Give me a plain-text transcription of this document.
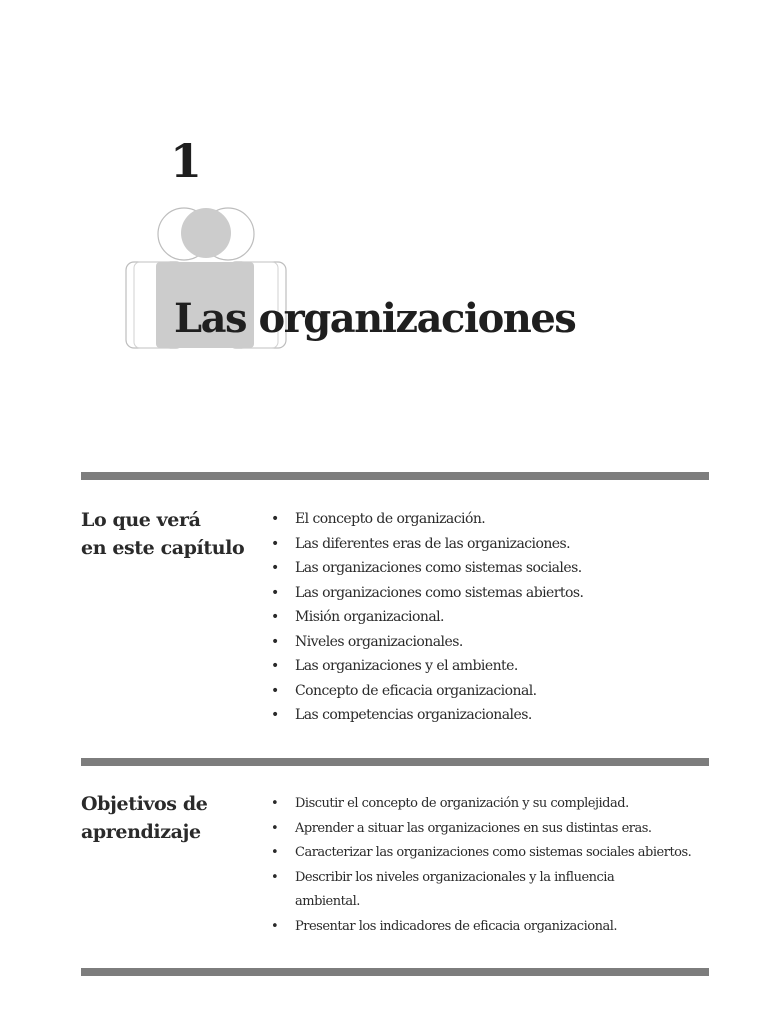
1
Las organizaciones
Lo que verá
en este capítulo
• El concepto de organización.
• Las diferentes eras de las organizaciones.
• Las organizaciones como sistemas sociales.
• Las organizaciones como sistemas abiertos.
• Misión organizacional.
• Niveles organizacionales.
• Las organizaciones y el ambiente.
• Concepto de eficacia organizacional.
• Las competencias organizacionales.
Objetivos de
aprendizaje
• Discutir el concepto de organización y su complejidad.
• Aprender a situar las organizaciones en sus distintas eras.
• Caracterizar las organizaciones como sistemas sociales abiertos.
• Describir los niveles organizacionales y la influencia
ambiental.
• Presentar los indicadores de eficacia organizacional.
